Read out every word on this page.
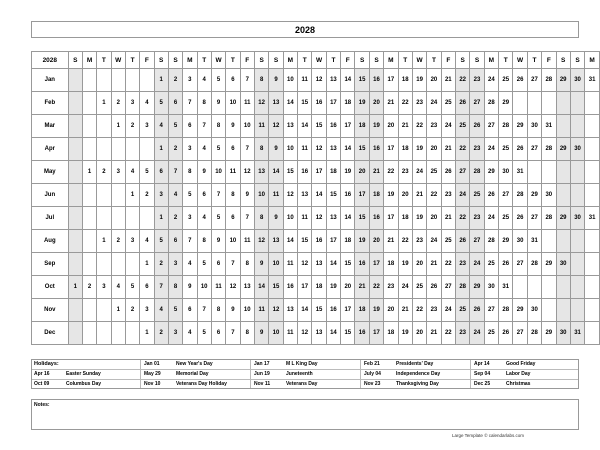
2028
2028	S	M	T	W	T	F	S	S	M	T	W	T	F	S	S	M	T	W	T	F	S	S	M	T	W	T	F	S	S	M	T	W	T	F	S	S	M
Jan							1	2	3	4	5	6	7	8	9	10	11	12	13	14	15	16	17	18	19	20	21	22	23	24	25	26	27	28	29	30	31
Feb			1	2	3	4	5	6	7	8	9	10	11	12	13	14	15	16	17	18	19	20	21	22	23	24	25	26	27	28	29						
Mar				1	2	3	4	5	6	7	8	9	10	11	12	13	14	15	16	17	18	19	20	21	22	23	24	25	26	27	28	29	30	31			
Apr							1	2	3	4	5	6	7	8	9	10	11	12	13	14	15	16	17	18	19	20	21	22	23	24	25	26	27	28	29	30	
May		1	2	3	4	5	6	7	8	9	10	11	12	13	14	15	16	17	18	19	20	21	22	23	24	25	26	27	28	29	30	31					
Jun					1	2	3	4	5	6	7	8	9	10	11	12	13	14	15	16	17	18	19	20	21	22	23	24	25	26	27	28	29	30			
Jul							1	2	3	4	5	6	7	8	9	10	11	12	13	14	15	16	17	18	19	20	21	22	23	24	25	26	27	28	29	30	31
Aug			1	2	3	4	5	6	7	8	9	10	11	12	13	14	15	16	17	18	19	20	21	22	23	24	25	26	27	28	29	30	31				
Sep						1	2	3	4	5	6	7	8	9	10	11	12	13	14	15	16	17	18	19	20	21	22	23	24	25	26	27	28	29	30		
Oct	1	2	3	4	5	6	7	8	9	10	11	12	13	14	15	16	17	18	19	20	21	22	23	24	25	26	27	28	29	30	31						
Nov				1	2	3	4	5	6	7	8	9	10	11	12	13	14	15	16	17	18	19	20	21	22	23	24	25	26	27	28	29	30				
Dec						1	2	3	4	5	6	7	8	9	10	11	12	13	14	15	16	17	18	19	20	21	22	23	24	25	26	27	28	29	30	31	
Holidays:	Jan 01	New Year's Day	Jan 17	M L King Day	Feb 21	Presidents' Day	Apr 14	Good Friday
Apr 16	Easter Sunday	May 29	Memorial Day	Jun 19	Juneteenth	July 04	Independence Day	Sep 04	Labor Day
Oct 09	Columbus Day	Nov 10	Veterans Day Holiday	Nov 11	Veterans Day	Nov 23	Thanksgiving Day	Dec 25	Christmas
Notes:
Large Template © calendarlabs.com
